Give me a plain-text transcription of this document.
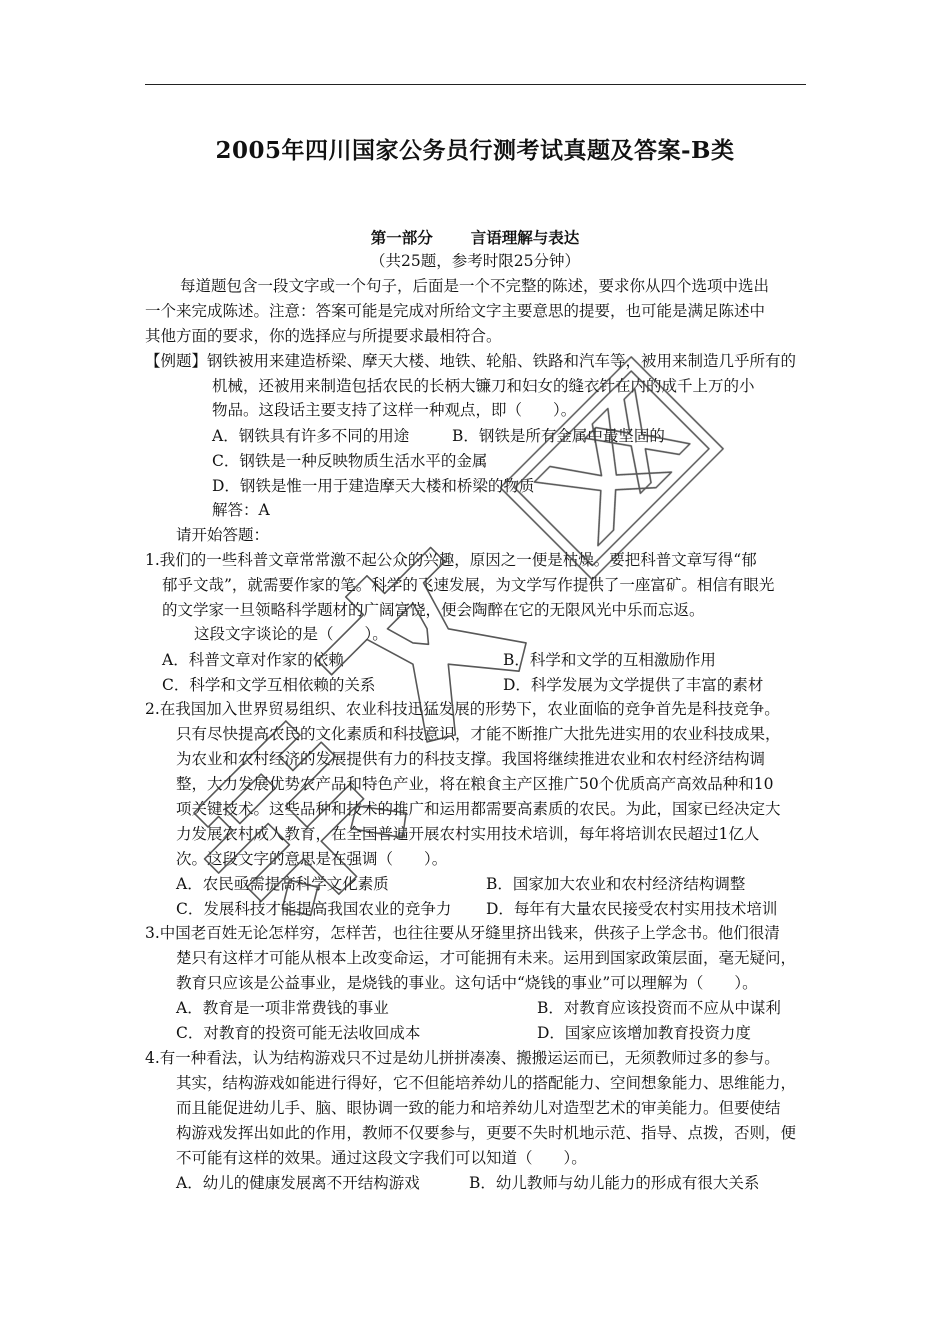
2005年四川国家公务员行测考试真题及答案-B类
第一部分 言语理解与表达
（共25题，参考时限25分钟）
每道题包含一段文字或一个句子，后面是一个不完整的陈述，要求你从四个选项中选出
一个来完成陈述。注意：答案可能是完成对所给文字主要意思的提要，也可能是满足陈述中
其他方面的要求，你的选择应与所提要求最相符合。
【例题】钢铁被用来建造桥梁、摩天大楼、地铁、轮船、铁路和汽车等，被用来制造几乎所有的
机械，还被用来制造包括农民的长柄大镰刀和妇女的缝衣针在内的成千上万的小
物品。这段话主要支持了这样一种观点，即（　　）。
A．钢铁具有许多不同的用途	B．钢铁是所有金属中最坚固的
C．钢铁是一种反映物质生活水平的金属
D．钢铁是惟一用于建造摩天大楼和桥梁的物质
解答：A
请开始答题：
1.我们的一些科普文章常常激不起公众的兴趣，原因之一便是枯燥。要把科普文章写得“郁
郁乎文哉”，就需要作家的笔。科学的飞速发展，为文学写作提供了一座富矿。相信有眼光
的文学家一旦领略科学题材的广阔富饶，便会陶醉在它的无限风光中乐而忘返。
这段文字谈论的是（　　）。
A．科普文章对作家的依赖	B．科学和文学的互相激励作用
C．科学和文学互相依赖的关系	D．科学发展为文学提供了丰富的素材
2.在我国加入世界贸易组织、农业科技迅猛发展的形势下，农业面临的竞争首先是科技竞争。
只有尽快提高农民的文化素质和科技意识，才能不断推广大批先进实用的农业科技成果，
为农业和农村经济的发展提供有力的科技支撑。我国将继续推进农业和农村经济结构调
整，大力发展优势农产品和特色产业，将在粮食主产区推广50个优质高产高效品种和10
项关键技术。这些品种和技术的推广和运用都需要高素质的农民。为此，国家已经决定大
力发展农村成人教育，在全国普遍开展农村实用技术培训，每年将培训农民超过1亿人
次。这段文字的意思是在强调（　　）。
A．农民亟需提高科学文化素质	B．国家加大农业和农村经济结构调整
C．发展科技才能提高我国农业的竞争力 D．每年有大量农民接受农村实用技术培训
3.中国老百姓无论怎样穷，怎样苦，也往往要从牙缝里挤出钱来，供孩子上学念书。他们很清
楚只有这样才可能从根本上改变命运，才可能拥有未来。运用到国家政策层面，毫无疑问，
教育只应该是公益事业，是烧钱的事业。这句话中“烧钱的事业”可以理解为（　　）。
A．教育是一项非常费钱的事业	B．对教育应该投资而不应从中谋利
C．对教育的投资可能无法收回成本	D．国家应该增加教育投资力度
4.有一种看法，认为结构游戏只不过是幼儿拼拼凑凑、搬搬运运而已，无须教师过多的参与。
其实，结构游戏如能进行得好，它不但能培养幼儿的搭配能力、空间想象能力、思维能力，
而且能促进幼儿手、脑、眼协调一致的能力和培养幼儿对造型艺术的审美能力。但要使结
构游戏发挥出如此的作用，教师不仅要参与，更要不失时机地示范、指导、点拨，否则，便
不可能有这样的效果。通过这段文字我们可以知道（　　）。
A．幼儿的健康发展离不开结构游戏	B．幼儿教师与幼儿能力的形成有很大关系
